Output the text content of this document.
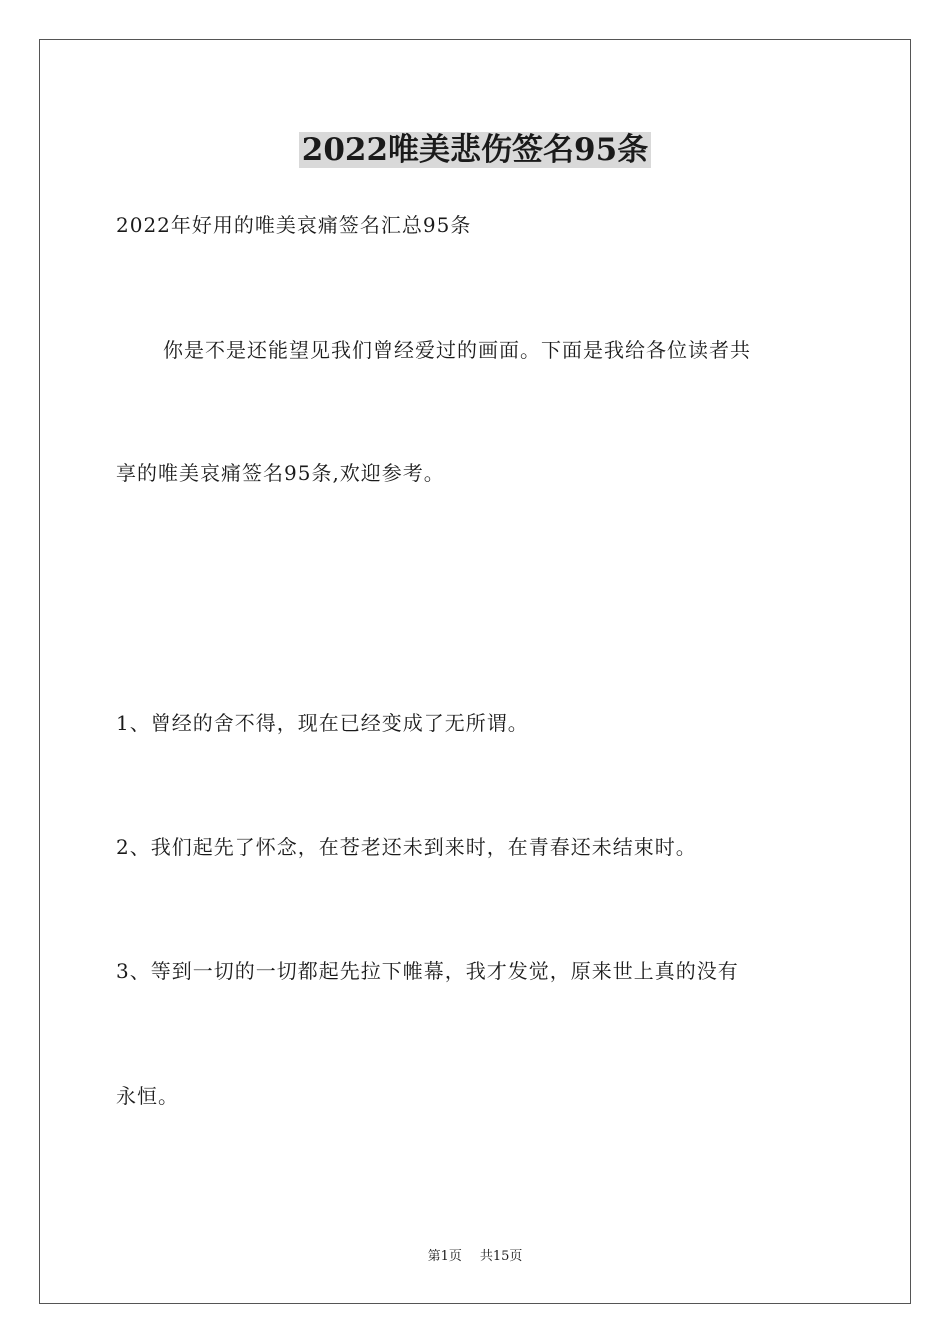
2022唯美悲伤签名95条
2022年好用的唯美哀痛签名汇总95条
你是不是还能望见我们曾经爱过的画面。下面是我给各位读者共
享的唯美哀痛签名95条,欢迎参考。
1、曾经的舍不得，现在已经变成了无所谓。
2、我们起先了怀念，在苍老还未到来时，在青春还未结束时。
3、等到一切的一切都起先拉下帷幕，我才发觉，原来世上真的没有
永恒。
第1页 共15页
